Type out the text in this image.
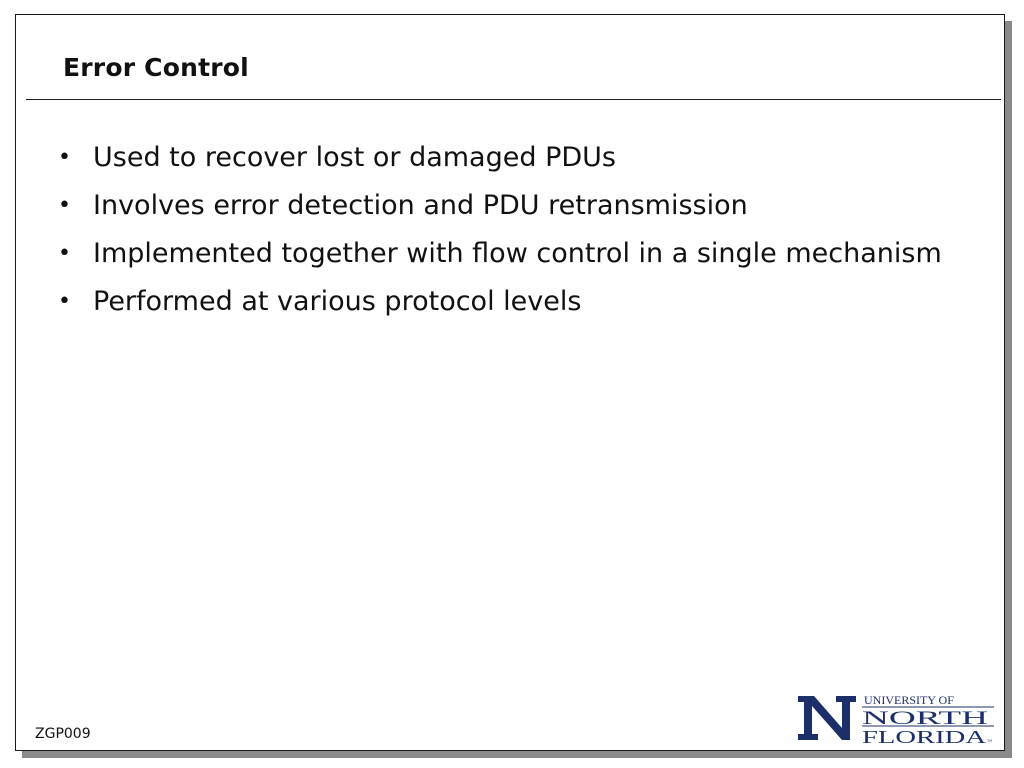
Error Control
• Used to recover lost or damaged PDUs
• Involves error detection and PDU retransmission
• Implemented together with flow control in a single mechanism
• Performed at various protocol levels
ZGP009
UNIVERSITY OF
NORTH
FLORIDA ™
